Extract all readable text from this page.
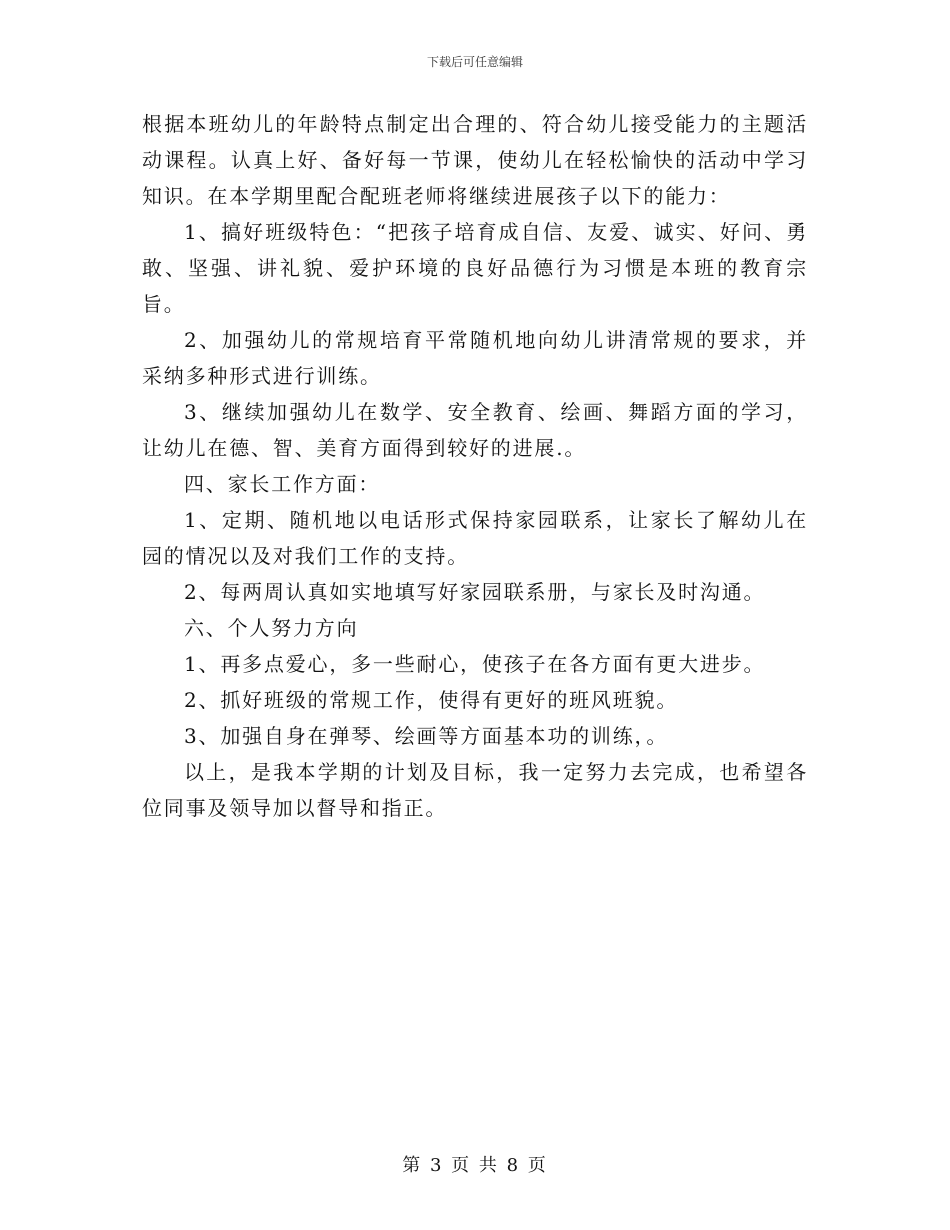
下载后可任意编辑

根据本班幼儿的年龄特点制定出合理的、符合幼儿接受能力的主题活动课程。认真上好、备好每一节课，使幼儿在轻松愉快的活动中学习知识。在本学期里配合配班老师将继续进展孩子以下的能力：

1、搞好班级特色：“把孩子培育成自信、友爱、诚实、好问、勇敢、坚强、讲礼貌、爱护环境的良好品德行为习惯是本班的教育宗旨。

2、加强幼儿的常规培育平常随机地向幼儿讲清常规的要求，并采纳多种形式进行训练。

3、继续加强幼儿在数学、安全教育、绘画、舞蹈方面的学习，让幼儿在德、智、美育方面得到较好的进展.。

四、家长工作方面：

1、定期、随机地以电话形式保持家园联系，让家长了解幼儿在园的情况以及对我们工作的支持。

2、每两周认真如实地填写好家园联系册，与家长及时沟通。

六、个人努力方向

1、再多点爱心，多一些耐心，使孩子在各方面有更大进步。

2、抓好班级的常规工作，使得有更好的班风班貌。

3、加强自身在弹琴、绘画等方面基本功的训练，。

以上，是我本学期的计划及目标，我一定努力去完成，也希望各位同事及领导加以督导和指正。

第 3 页 共 8 页
